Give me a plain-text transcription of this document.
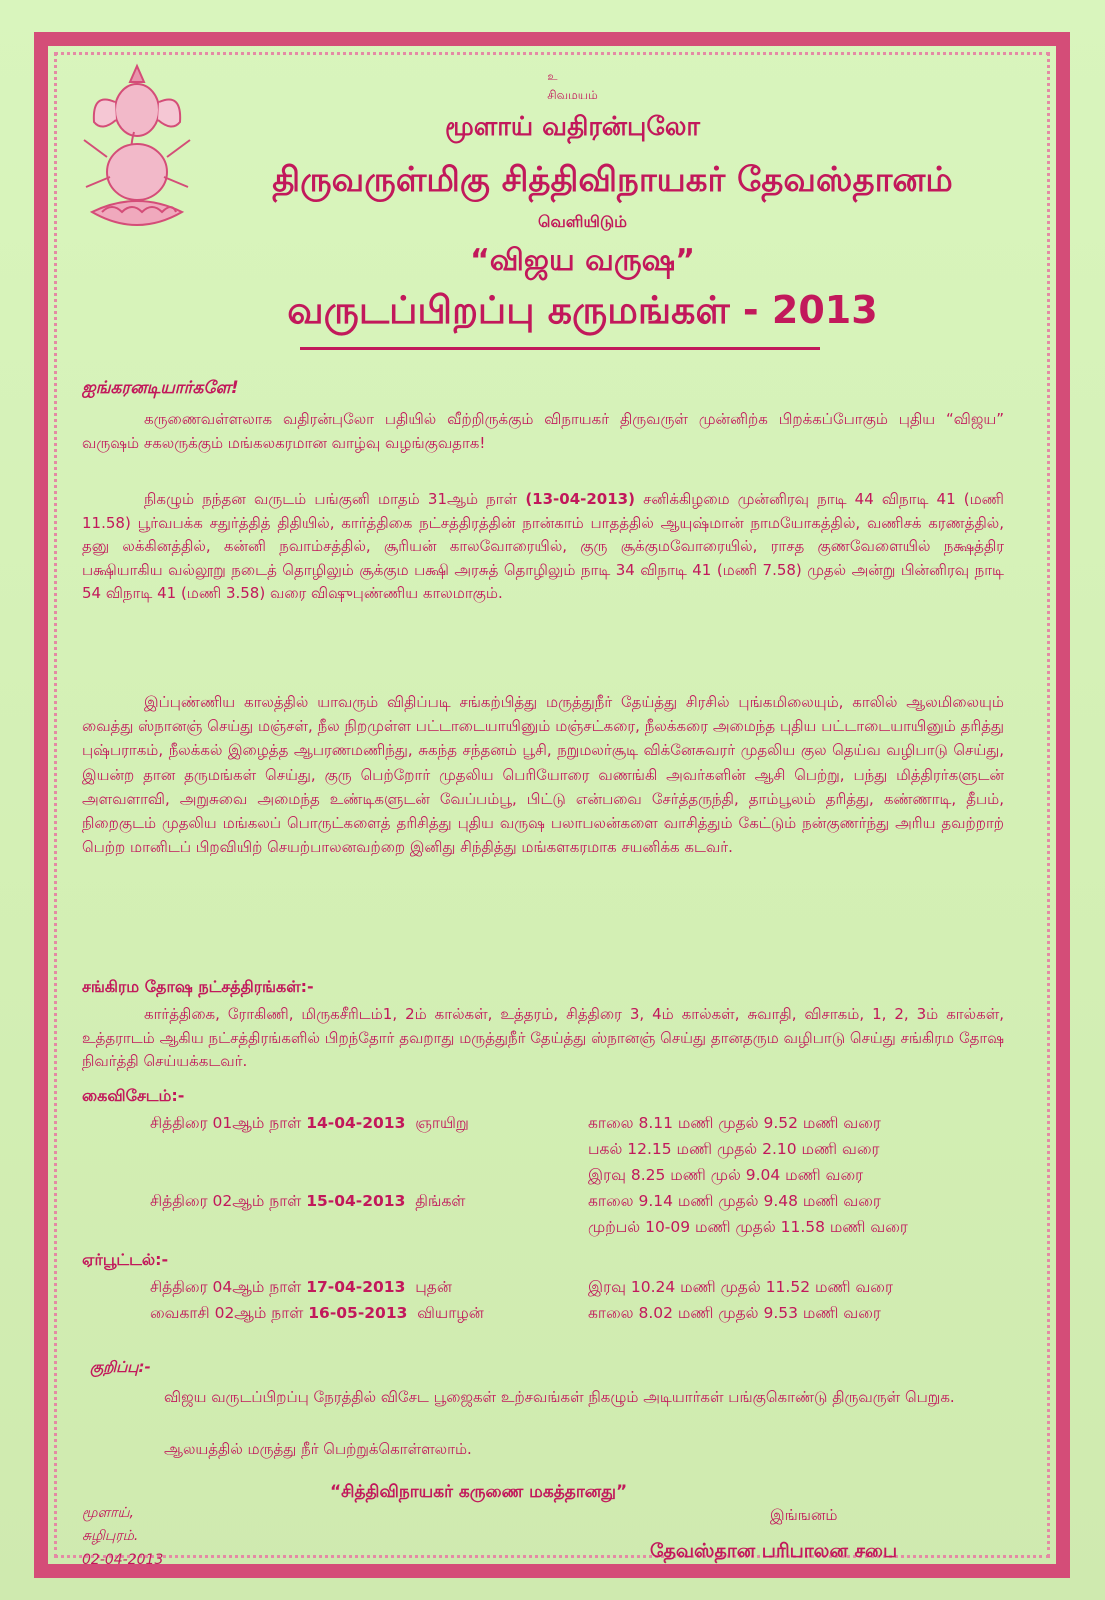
உ
சிவமயம்
மூளாய் வதிரன்புலோ
திருவருள்மிகு சித்திவிநாயகர் தேவஸ்தானம்
வெளியிடும்
“விஜய வருஷ”
வருடப்பிறப்பு கருமங்கள் - 2013
ஐங்கரனடியார்களே!
கருணைவள்ளலாக வதிரன்புலோ பதியில் வீற்றிருக்கும் விநாயகர் திருவருள் முன்னிற்க பிறக்கப்போகும் புதிய “விஜய” வருஷம் சகலருக்கும் மங்கலகரமான வாழ்வு வழங்குவதாக!
நிகழும் நந்தன வருடம் பங்குனி மாதம் 31ஆம் நாள் (13-04-2013) சனிக்கிழமை முன்னிரவு நாடி 44 விநாடி 41 (மணி 11.58) பூர்வபக்க சதுர்த்தித் திதியில், கார்த்திகை நட்சத்திரத்தின் நான்காம் பாதத்தில் ஆயுஷ்மான் நாமயோகத்தில், வணிசக் கரணத்தில், தனு லக்கினத்தில், கன்னி நவாம்சத்தில், சூரியன் காலவோரையில், குரு சூக்குமவோரையில், ராசத குணவேளையில் நக்ஷத்திர பக்ஷியாகிய வல்லூறு நடைத் தொழிலும் சூக்கும பக்ஷி அரசுத் தொழிலும் நாடி 34 விநாடி 41 (மணி 7.58) முதல் அன்று பின்னிரவு நாடி 54 விநாடி 41 (மணி 3.58) வரை விஷுபுண்ணிய காலமாகும்.
இப்புண்ணிய காலத்தில் யாவரும் விதிப்படி சங்கற்பித்து மருத்துநீர் தேய்த்து சிரசில் புங்கமிலையும், காலில் ஆலமிலையும் வைத்து ஸ்நானஞ் செய்து மஞ்சள், நீல நிறமுள்ள பட்டாடையாயினும் மஞ்சட்கரை, நீலக்கரை அமைந்த புதிய பட்டாடையாயினும் தரித்து புஷ்பராகம், நீலக்கல் இழைத்த ஆபரணமணிந்து, சுகந்த சந்தனம் பூசி, நறுமலர்சூடி விக்னேசுவரர் முதலிய குல தெய்வ வழிபாடு செய்து, இயன்ற தான தருமங்கள் செய்து, குரு பெற்றோர் முதலிய பெரியோரை வணங்கி அவர்களின் ஆசி பெற்று, பந்து மித்திரர்களுடன் அளவளாவி, அறுசுவை அமைந்த உண்டிகளுடன் வேப்பம்பூ, பிட்டு என்பவை சேர்த்தருந்தி, தாம்பூலம் தரித்து, கண்ணாடி, தீபம், நிறைகுடம் முதலிய மங்கலப் பொருட்களைத் தரிசித்து புதிய வருஷ பலாபலன்களை வாசித்தும் கேட்டும் நன்குணர்ந்து அரிய தவற்றாற் பெற்ற மானிடப் பிறவியிற் செயற்பாலனவற்றை இனிது சிந்தித்து மங்களகரமாக சயனிக்க கடவர்.
சங்கிரம தோஷ நட்சத்திரங்கள்:-
கார்த்திகை, ரோகிணி, மிருகசீரிடம்1, 2ம் கால்கள், உத்தரம், சித்திரை 3, 4ம் கால்கள், சுவாதி, விசாகம், 1, 2, 3ம் கால்கள், உத்தராடம் ஆகிய நட்சத்திரங்களில் பிறந்தோர் தவறாது மருத்துநீர் தேய்த்து ஸ்நானஞ் செய்து தானதரும வழிபாடு செய்து சங்கிரம தோஷ நிவர்த்தி செய்யக்கடவர்.
கைவிசேடம்:-
சித்திரை 01ஆம் நாள் 14-04-2013 ஞாயிறு	காலை 8.11 மணி முதல் 9.52 மணி வரை
பகல் 12.15 மணி முதல் 2.10 மணி வரை
இரவு 8.25 மணி முல் 9.04 மணி வரை
சித்திரை 02ஆம் நாள் 15-04-2013 திங்கள்	காலை 9.14 மணி முதல் 9.48 மணி வரை
முற்பல் 10-09 மணி முதல் 11.58 மணி வரை
ஏர்பூட்டல்:-
சித்திரை 04ஆம் நாள் 17-04-2013 புதன்	இரவு 10.24 மணி முதல் 11.52 மணி வரை
வைகாசி 02ஆம் நாள் 16-05-2013 வியாழன்	காலை 8.02 மணி முதல் 9.53 மணி வரை
குறிப்பு:-
விஜய வருடப்பிறப்பு நேரத்தில் விசேட பூஜைகள் உற்சவங்கள் நிகழும் அடியார்கள் பங்குகொண்டு திருவருள் பெறுக.
ஆலயத்தில் மருத்து நீர் பெற்றுக்கொள்ளலாம்.
“சித்திவிநாயகர் கருணை மகத்தானது”
மூளாய்,
சுழிபுரம்.
02-04-2013
இங்ஙனம்
தேவஸ்தான பரிபாலன சபை
